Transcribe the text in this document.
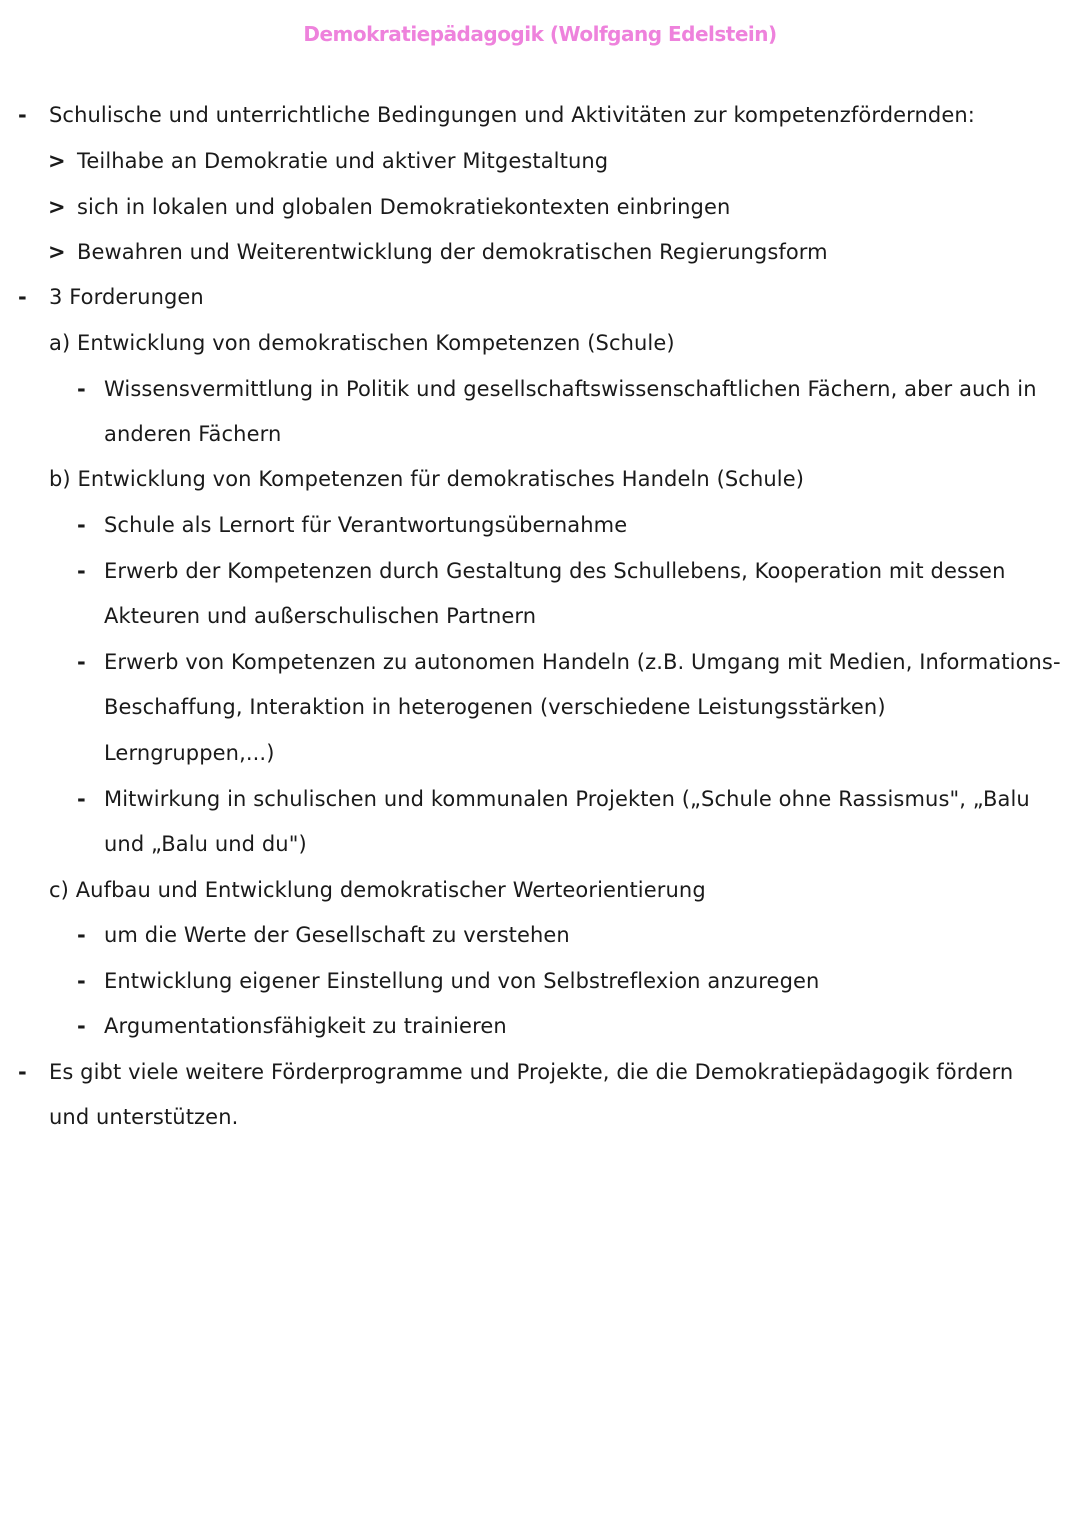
Demokratiepädagogik (Wolfgang Edelstein)
- Schulische und unterrichtliche Bedingungen und Aktivitäten zur kompetenzfördernden:
> Teilhabe an Demokratie und aktiver Mitgestaltung
> sich in lokalen und globalen Demokratiekontexten einbringen
> Bewahren und Weiterentwicklung der demokratischen Regierungsform
- 3 Forderungen
a) Entwicklung von demokratischen Kompetenzen (Schule)
- Wissensvermittlung in Politik und gesellschaftswissenschaftlichen Fächern, aber auch in
anderen Fächern
b) Entwicklung von Kompetenzen für demokratisches Handeln (Schule)
- Schule als Lernort für Verantwortungsübernahme
- Erwerb der Kompetenzen durch Gestaltung des Schullebens, Kooperation mit dessen
Akteuren und außerschulischen Partnern
- Erwerb von Kompetenzen zu autonomen Handeln (z.B. Umgang mit Medien, Informations-
Beschaffung, Interaktion in heterogenen (verschiedene Leistungsstärken)
Lerngruppen,...)
- Mitwirkung in schulischen und kommunalen Projekten („Schule ohne Rassismus", „Balu
und „Balu und du")
c) Aufbau und Entwicklung demokratischer Werteorientierung
- um die Werte der Gesellschaft zu verstehen
- Entwicklung eigener Einstellung und von Selbstreflexion anzuregen
- Argumentationsfähigkeit zu trainieren
- Es gibt viele weitere Förderprogramme und Projekte, die die Demokratiepädagogik fördern
und unterstützen.
